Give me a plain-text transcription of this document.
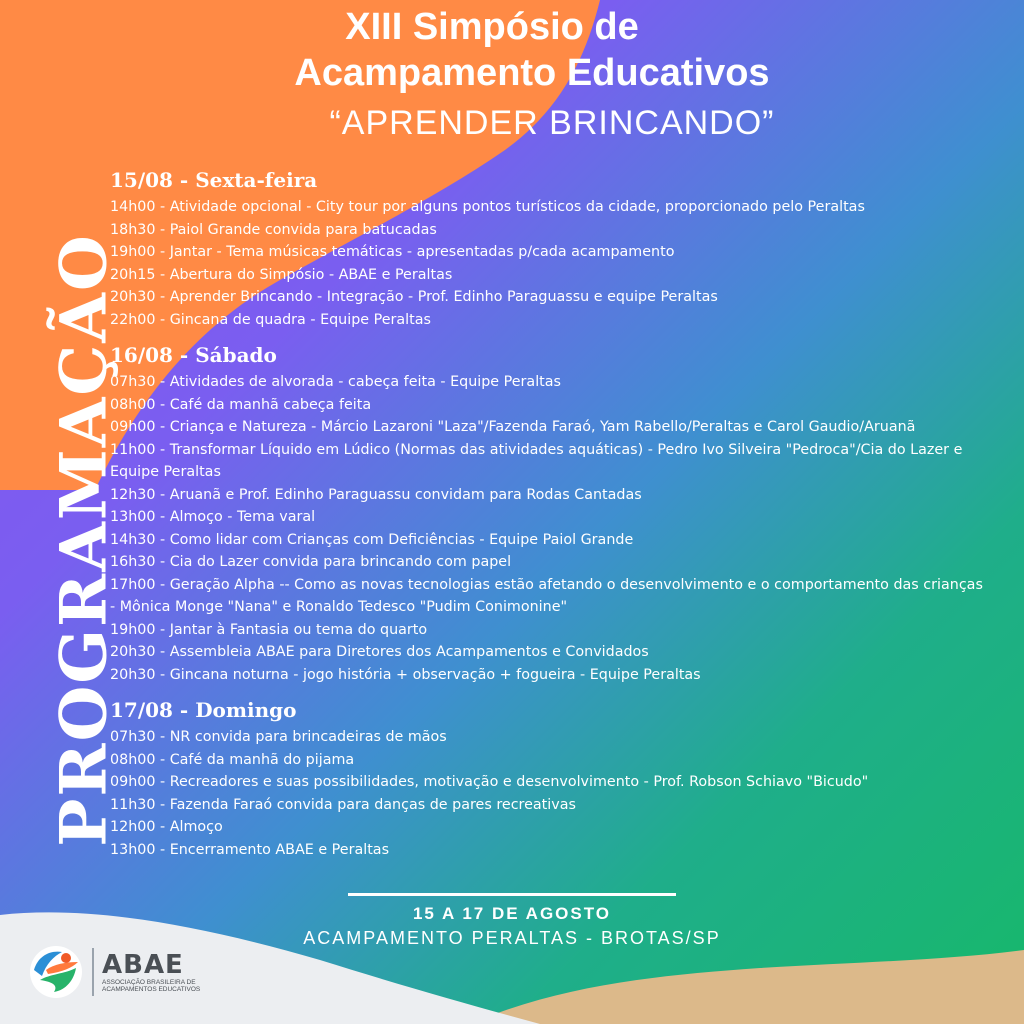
XIII Simpósio de
Acampamento Educativos
“APRENDER BRINCANDO”
PROGRAMAÇÃO
15/08 - Sexta-feira

14h00 - Atividade opcional - City tour por alguns pontos turísticos da cidade, proporcionado pelo Peraltas

18h30 - Paiol Grande convida para batucadas

19h00 - Jantar - Tema músicas temáticas - apresentadas p/cada acampamento

20h15 - Abertura do Simpósio - ABAE e Peraltas

20h30 - Aprender Brincando - Integração - Prof. Edinho Paraguassu e equipe Peraltas

22h00 - Gincana de quadra - Equipe Peraltas

16/08 - Sábado

07h30 - Atividades de alvorada - cabeça feita - Equipe Peraltas

08h00 - Café da manhã cabeça feita

09h00 - Criança e Natureza - Márcio Lazaroni "Laza"/Fazenda Faraó, Yam Rabello/Peraltas e Carol Gaudio/Aruanã

11h00 - Transformar Líquido em Lúdico (Normas das atividades aquáticas) - Pedro Ivo Silveira "Pedroca"/Cia do Lazer e Equipe Peraltas

12h30 - Aruanã e Prof. Edinho Paraguassu convidam para Rodas Cantadas

13h00 - Almoço - Tema varal

14h30 - Como lidar com Crianças com Deficiências - Equipe Paiol Grande

16h30 - Cia do Lazer convida para brincando com papel

17h00 - Geração Alpha -- Como as novas tecnologias estão afetando o desenvolvimento e o comportamento das crianças - Mônica Monge "Nana" e Ronaldo Tedesco "Pudim Conimonine"

19h00 - Jantar à Fantasia ou tema do quarto

20h30 - Assembleia ABAE para Diretores dos Acampamentos e Convidados

20h30 - Gincana noturna - jogo história + observação + fogueira - Equipe Peraltas

17/08 - Domingo

07h30 - NR convida para brincadeiras de mãos

08h00 - Café da manhã do pijama

09h00 - Recreadores e suas possibilidades, motivação e desenvolvimento - Prof. Robson Schiavo "Bicudo"

11h30 - Fazenda Faraó convida para danças de pares recreativas

12h00 - Almoço

13h00 - Encerramento ABAE e Peraltas

15 A 17 DE AGOSTO
ACAMPAMENTO PERALTAS - BROTAS/SP
ABAE
ASSOCIAÇÃO BRASILEIRA DE ACAMPAMENTOS EDUCATIVOS
